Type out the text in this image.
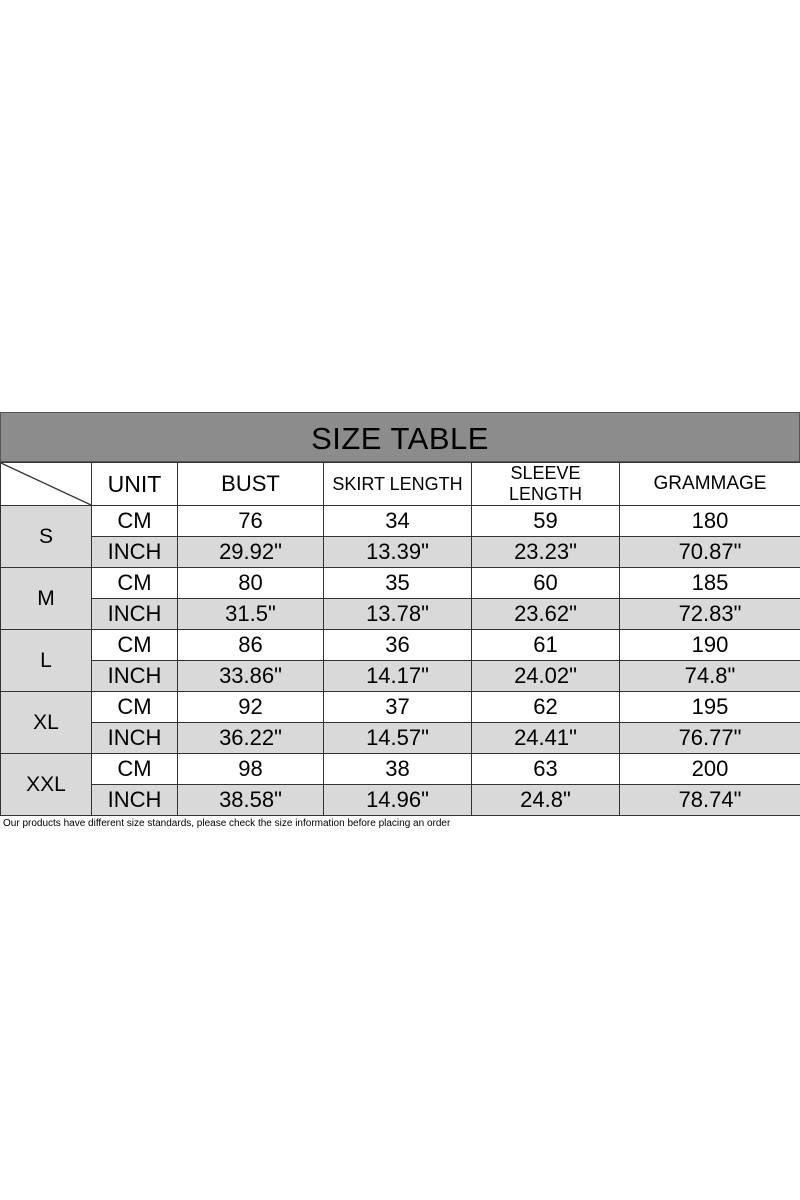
SIZE TABLE
	UNIT	BUST	SKIRT LENGTH	SLEEVE LENGTH	GRAMMAGE
S	CM	76	34	59	180
	INCH	29.92"	13.39"	23.23"	70.87"
M	CM	80	35	60	185
	INCH	31.5"	13.78"	23.62"	72.83"
L	CM	86	36	61	190
	INCH	33.86"	14.17"	24.02"	74.8"
XL	CM	92	37	62	195
	INCH	36.22"	14.57"	24.41"	76.77"
XXL	CM	98	38	63	200
	INCH	38.58"	14.96"	24.8"	78.74"
Our products have different size standards, please check the size information before placing an order
